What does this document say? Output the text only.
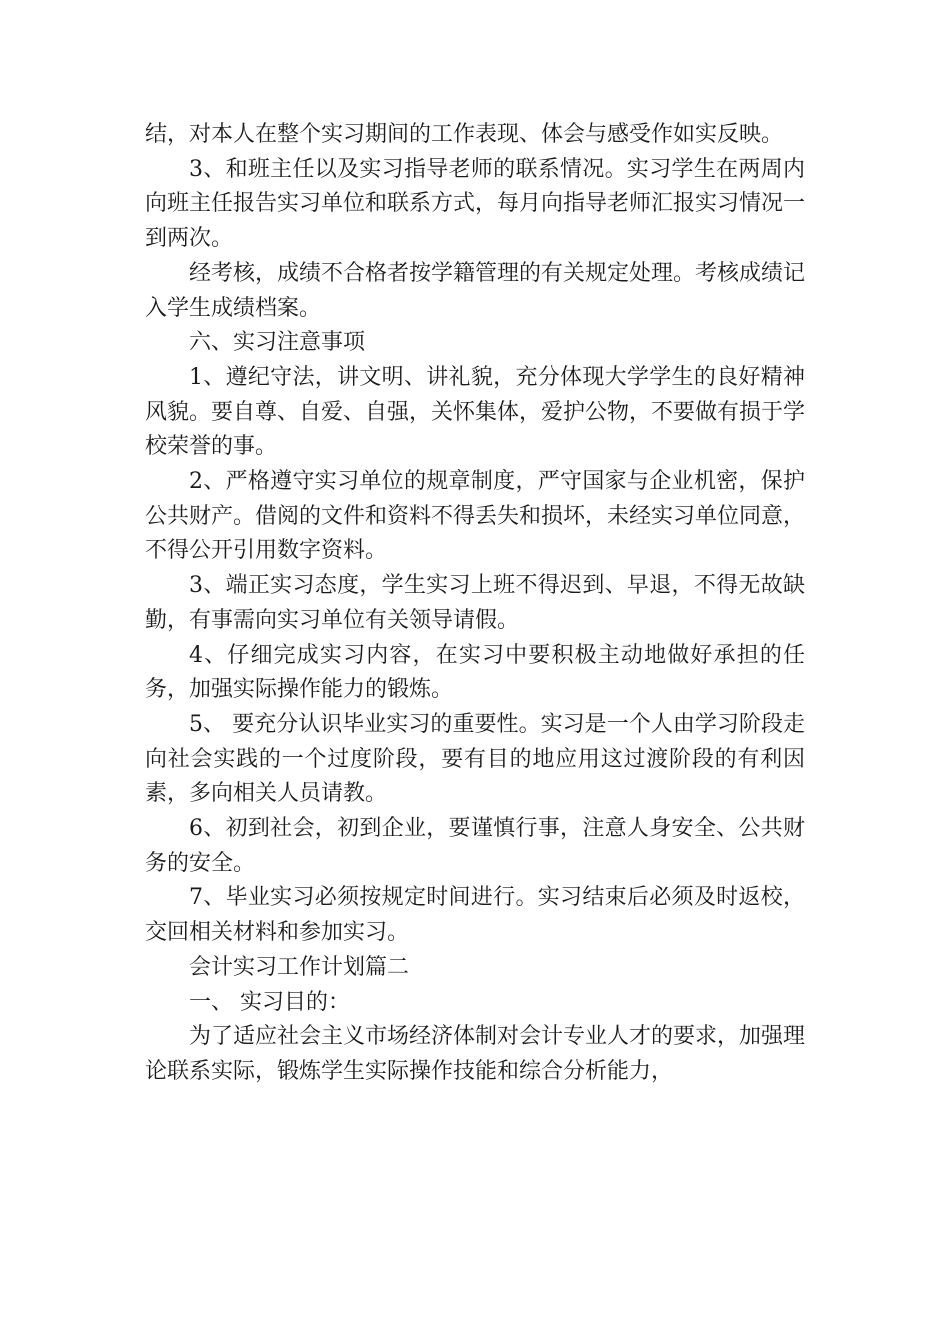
结，对本人在整个实习期间的工作表现、体会与感受作如实反映。

3、和班主任以及实习指导老师的联系情况。实习学生在两周内向班主任报告实习单位和联系方式，每月向指导老师汇报实习情况一到两次。

经考核，成绩不合格者按学籍管理的有关规定处理。考核成绩记入学生成绩档案。

六、实习注意事项

1、遵纪守法，讲文明、讲礼貌，充分体现大学学生的良好精神风貌。要自尊、自爱、自强，关怀集体，爱护公物，不要做有损于学校荣誉的事。

2、严格遵守实习单位的规章制度，严守国家与企业机密，保护公共财产。借阅的文件和资料不得丢失和损坏，未经实习单位同意，不得公开引用数字资料。

3、端正实习态度，学生实习上班不得迟到、早退，不得无故缺勤，有事需向实习单位有关领导请假。

4、仔细完成实习内容，在实习中要积极主动地做好承担的任务，加强实际操作能力的锻炼。

5、 要充分认识毕业实习的重要性。实习是一个人由学习阶段走向社会实践的一个过度阶段，要有目的地应用这过渡阶段的有利因素，多向相关人员请教。

6、初到社会，初到企业，要谨慎行事，注意人身安全、公共财务的安全。

7、毕业实习必须按规定时间进行。实习结束后必须及时返校，交回相关材料和参加实习。

会计实习工作计划篇二

一、 实习目的：

为了适应社会主义市场经济体制对会计专业人才的要求，加强理论联系实际，锻炼学生实际操作技能和综合分析能力，
